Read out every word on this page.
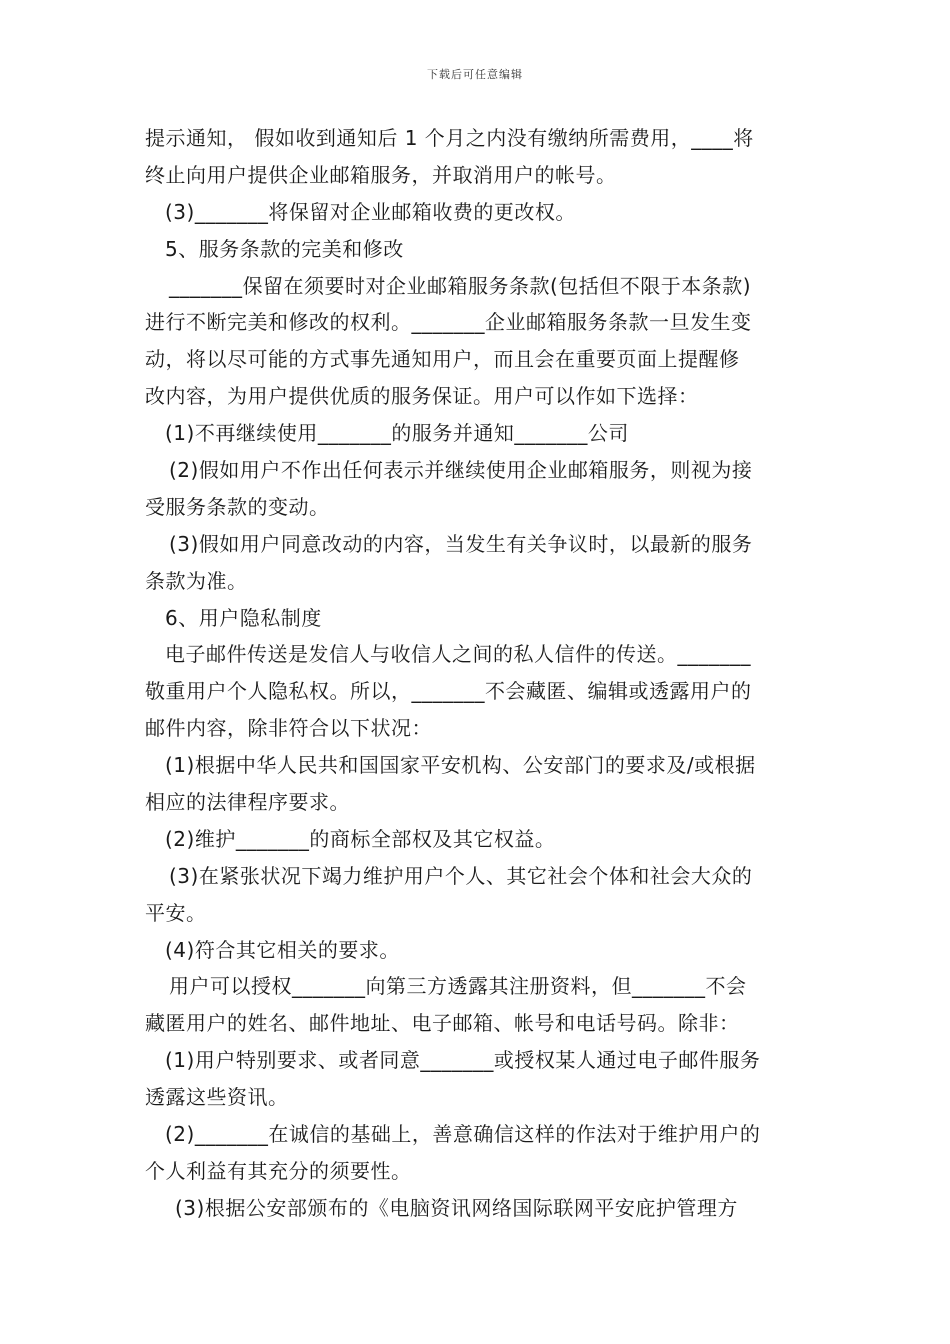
下载后可任意编辑
提示通知， 假如收到通知后 1 个月之内没有缴纳所需费用，____将
终止向用户提供企业邮箱服务，并取消用户的帐号。
(3)_______将保留对企业邮箱收费的更改权。
5、服务条款的完美和修改
_______保留在须要时对企业邮箱服务条款(包括但不限于本条款)
进行不断完美和修改的权利。_______企业邮箱服务条款一旦发生变
动，将以尽可能的方式事先通知用户，而且会在重要页面上提醒修
改内容，为用户提供优质的服务保证。用户可以作如下选择：
(1)不再继续使用_______的服务并通知_______公司
(2)假如用户不作出任何表示并继续使用企业邮箱服务，则视为接
受服务条款的变动。
(3)假如用户同意改动的内容，当发生有关争议时，以最新的服务
条款为准。
6、用户隐私制度
电子邮件传送是发信人与收信人之间的私人信件的传送。_______
敬重用户个人隐私权。所以，_______不会藏匿、编辑或透露用户的
邮件内容，除非符合以下状况：
(1)根据中华人民共和国国家平安机构、公安部门的要求及/或根据
相应的法律程序要求。
(2)维护_______的商标全部权及其它权益。
(3)在紧张状况下竭力维护用户个人、其它社会个体和社会大众的
平安。
(4)符合其它相关的要求。
用户可以授权_______向第三方透露其注册资料，但_______不会
藏匿用户的姓名、邮件地址、电子邮箱、帐号和电话号码。除非：
(1)用户特别要求、或者同意_______或授权某人通过电子邮件服务
透露这些资讯。
(2)_______在诚信的基础上，善意确信这样的作法对于维护用户的
个人利益有其充分的须要性。
(3)根据公安部颁布的《电脑资讯网络国际联网平安庇护管理方
